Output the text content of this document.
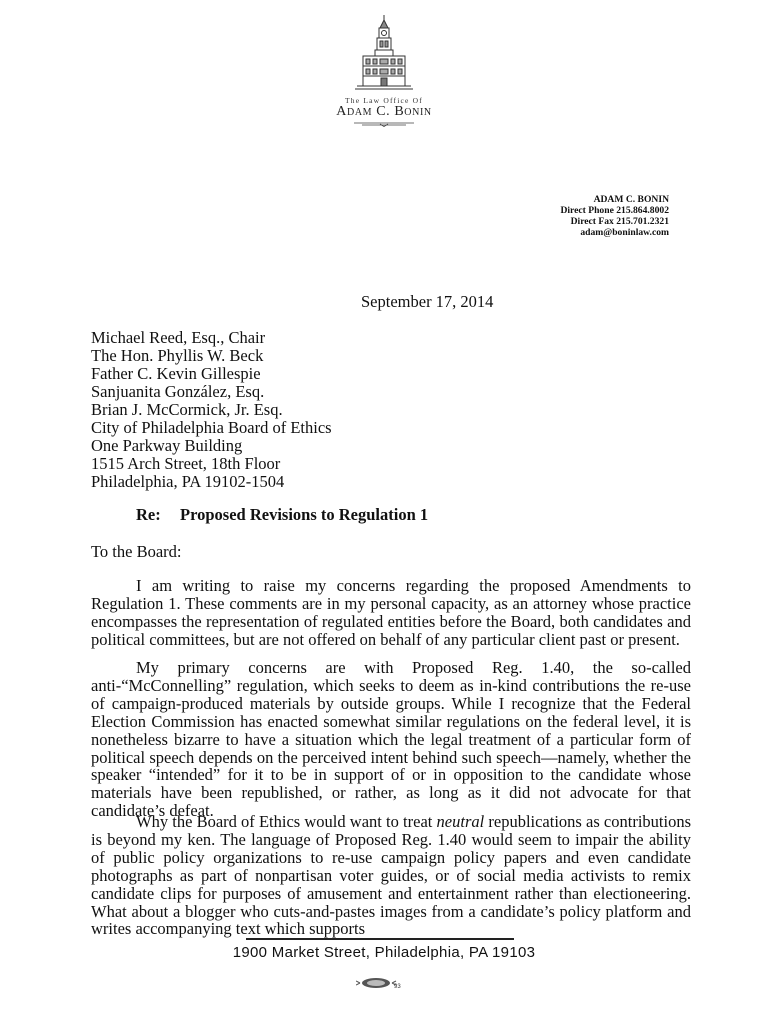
The Law Office Of
Adam C. Bonin
ADAM C. BONIN
Direct Phone 215.864.8002
Direct Fax 215.701.2321
adam@boninlaw.com
September 17, 2014
Michael Reed, Esq., Chair
The Hon. Phyllis W. Beck
Father C. Kevin Gillespie
Sanjuanita González, Esq.
Brian J. McCormick, Jr. Esq.
City of Philadelphia Board of Ethics
One Parkway Building
1515 Arch Street, 18th Floor
Philadelphia, PA 19102-1504
Re: Proposed Revisions to Regulation 1
To the Board:
I am writing to raise my concerns regarding the proposed Amendments to Regulation 1. These comments are in my personal capacity, as an attorney whose practice encompasses the representation of regulated entities before the Board, both candidates and political committees, but are not offered on behalf of any particular client past or present.
My primary concerns are with Proposed Reg. 1.40, the so-called anti-“McConnelling” regulation, which seeks to deem as in-kind contributions the re-use of campaign-produced materials by outside groups. While I recognize that the Federal Election Commission has enacted somewhat similar regulations on the federal level, it is nonetheless bizarre to have a situation which the legal treatment of a particular form of political speech depends on the perceived intent behind such speech—namely, whether the speaker “intended” for it to be in support of or in opposition to the candidate whose materials have been republished, or rather, as long as it did not advocate for that candidate’s defeat.
Why the Board of Ethics would want to treat neutral republications as contributions is beyond my ken. The language of Proposed Reg. 1.40 would seem to impair the ability of public policy organizations to re-use campaign policy papers and even candidate photographs as part of nonpartisan voter guides, or of social media activists to remix candidate clips for purposes of amusement and entertainment rather than electioneering. What about a blogger who cuts-and-pastes images from a candidate’s policy platform and writes accompanying text which supports
1900 Market Street, Philadelphia, PA 19103
93
